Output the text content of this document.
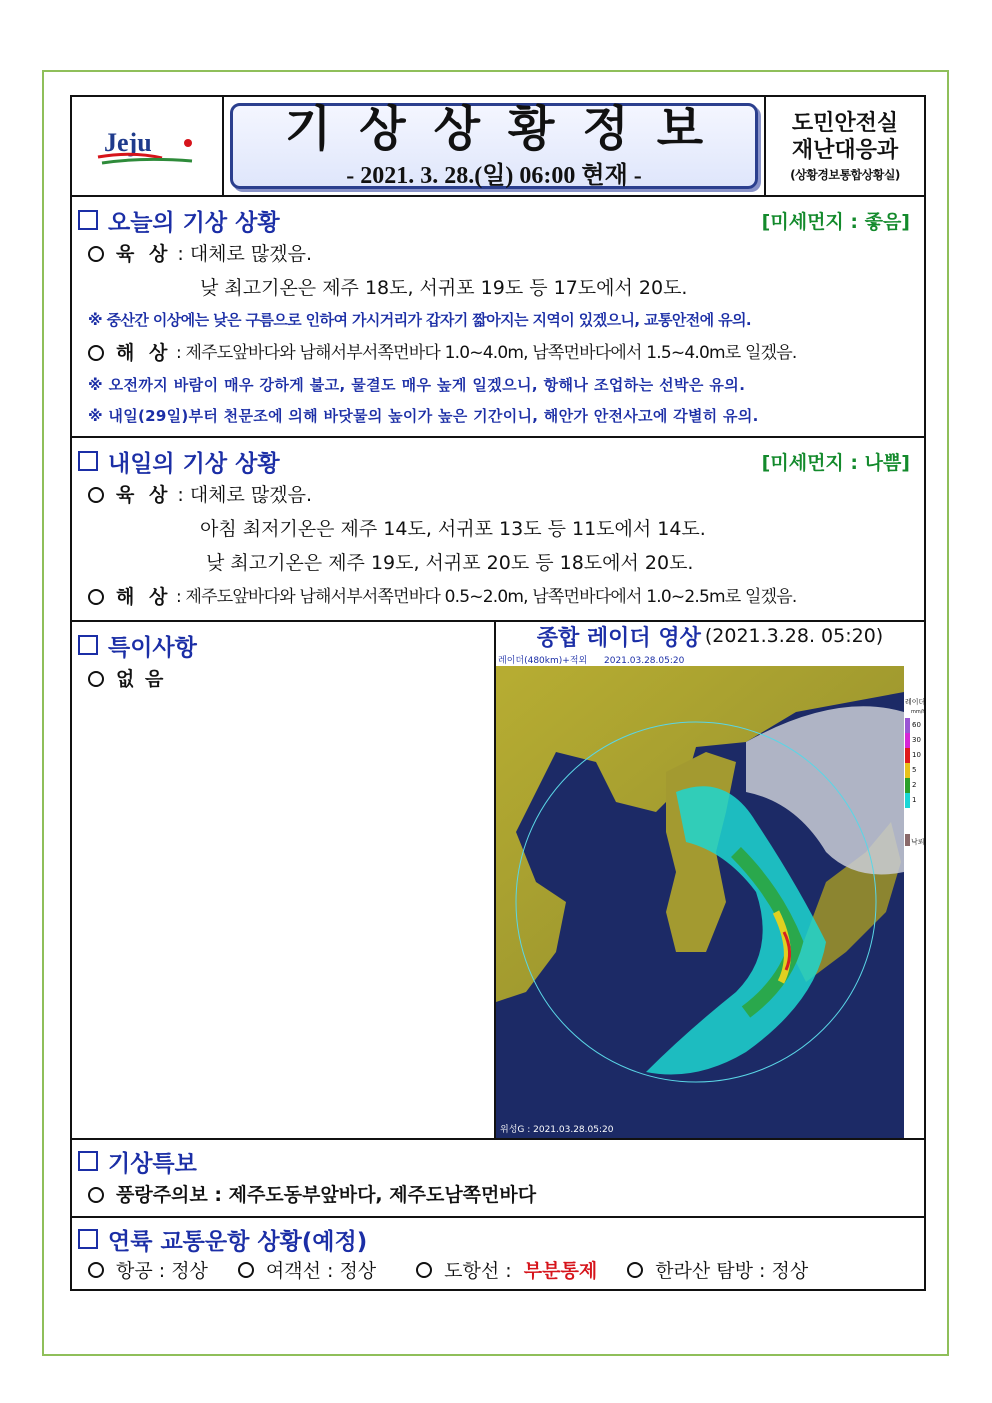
Jeju	기상상황정보
- 2021. 3. 28.(일) 06:00 현재 -
도민안전실
재난대응과
(상황경보통합상황실)
오늘의 기상 상황	[미세먼지 : 좋음]
육 상
: 대체로 많겠음.
낮 최고기온은 제주 18도, 서귀포 19도 등 17도에서 20도.
※ 중산간 이상에는 낮은 구름으로 인하여 가시거리가 갑자기 짧아지는 지역이 있겠으니, 교통안전에 유의.
해 상
: 제주도앞바다와 남해서부서쪽먼바다 1.0~4.0m, 남쪽먼바다에서 1.5~4.0m로 일겠음.
※ 오전까지 바람이 매우 강하게 불고, 물결도 매우 높게 일겠으니, 항해나 조업하는 선박은 유의.
※ 내일(29일)부터 천문조에 의해 바닷물의 높이가 높은 기간이니, 해안가 안전사고에 각별히 유의.
내일의 기상 상황	[미세먼지 : 나쁨]
육 상
: 대체로 많겠음.
아침 최저기온은 제주 14도, 서귀포 13도 등 11도에서 14도.
낮 최고기온은 제주 19도, 서귀포 20도 등 18도에서 20도.
해 상
: 제주도앞바다와 남해서부서쪽먼바다 0.5~2.0m, 남쪽먼바다에서 1.0~2.5m로 일겠음.
특이사항
없 음
종합 레이더 영상 (2021.3.28. 05:20)
레이더(480km)+적외 2021.03.28.05:20
위성G : 2021.03.28.05:20
레이더
mm/h
60
30
10
5
2
1
낙뢰
기상특보
풍랑주의보 : 제주도동부앞바다, 제주도남쪽먼바다
연륙 교통운항 상황(예정)
항공 : 정상	여객선 : 정상	도항선 :
부분통제	한라산 탐방 : 정상
